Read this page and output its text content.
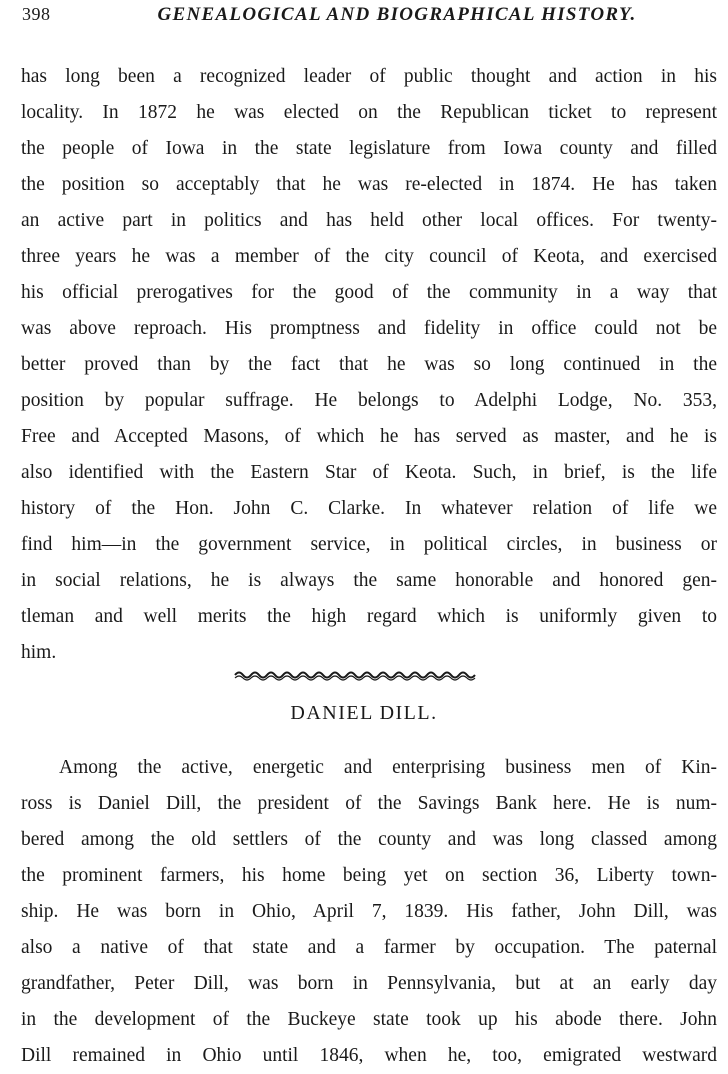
398	GENEALOGICAL AND BIOGRAPHICAL HISTORY.
has long been a recognized leader of public thought and action in his
locality. In 1872 he was elected on the Republican ticket to represent
the people of Iowa in the state legislature from Iowa county and filled
the position so acceptably that he was re-elected in 1874. He has taken
an active part in politics and has held other local offices. For twenty-
three years he was a member of the city council of Keota, and exercised
his official prerogatives for the good of the community in a way that
was above reproach. His promptness and fidelity in office could not be
better proved than by the fact that he was so long continued in the
position by popular suffrage. He belongs to Adelphi Lodge, No. 353,
Free and Accepted Masons, of which he has served as master, and he is
also identified with the Eastern Star of Keota. Such, in brief, is the life
history of the Hon. John C. Clarke. In whatever relation of life we
find him—in the government service, in political circles, in business or
in social relations, he is always the same honorable and honored gen-
tleman and well merits the high regard which is uniformly given to
him.
DANIEL DILL.
Among the active, energetic and enterprising business men of Kin-
ross is Daniel Dill, the president of the Savings Bank here. He is num-
bered among the old settlers of the county and was long classed among
the prominent farmers, his home being yet on section 36, Liberty town-
ship. He was born in Ohio, April 7, 1839. His father, John Dill, was
also a native of that state and a farmer by occupation. The paternal
grandfather, Peter Dill, was born in Pennsylvania, but at an early day
in the development of the Buckeye state took up his abode there. John
Dill remained in Ohio until 1846, when he, too, emigrated westward
